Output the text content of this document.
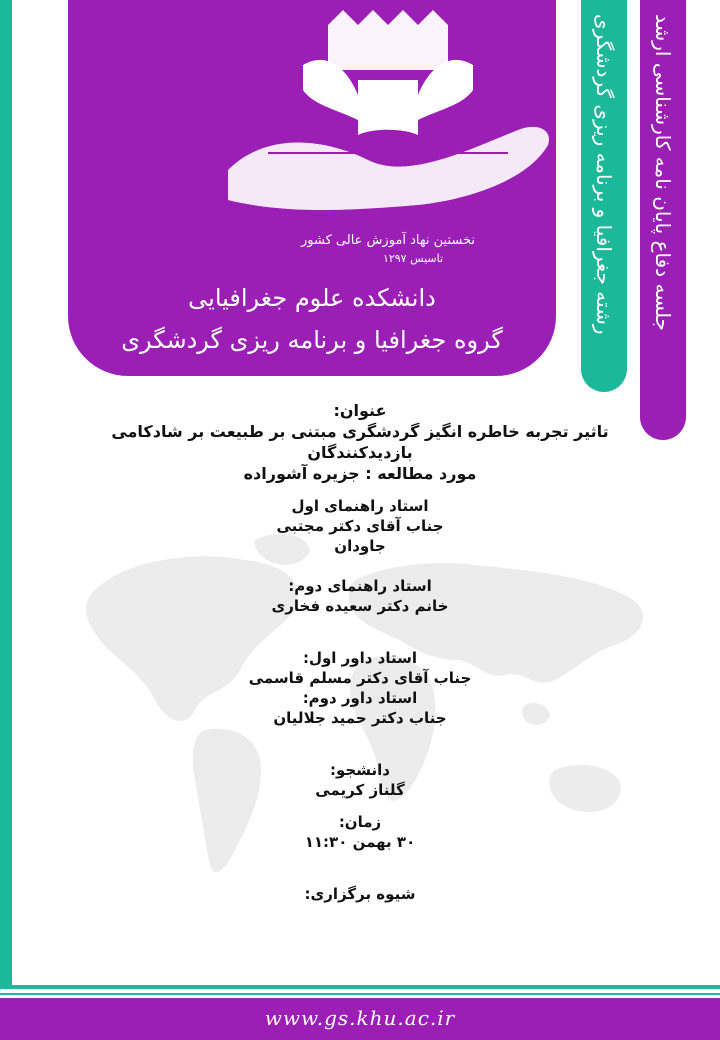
نخستین نهاد آموزش عالی کشور
تاسیس ۱۲۹۷
دانشکده علوم جغرافیایی
گروه جغرافیا و برنامه ریزی گردشگری
رشته جغرافیا و برنامه ریزی گردشگری جلسه دفاع پایان نامه کارشناسی ارشد
عنوان:
تاثیر تجربه خاطره انگیز گردشگری مبتنی بر طبیعت بر شادکامی
بازدیدکنندگان
مورد مطالعه : جزیره آشوراده
استاد راهنمای اول
جناب آقای دکتر مجتبی
جاودان
استاد راهنمای دوم:
خانم دکتر سعیده فخاری
استاد داور اول:
جناب آقای دکتر مسلم قاسمی
استاد داور دوم:
جناب دکتر حمید جلالیان
دانشجو:
گلناز کریمی
زمان:
۳۰ بهمن ۱۱:۳۰
شیوه برگزاری:
www.gs.khu.ac.ir
